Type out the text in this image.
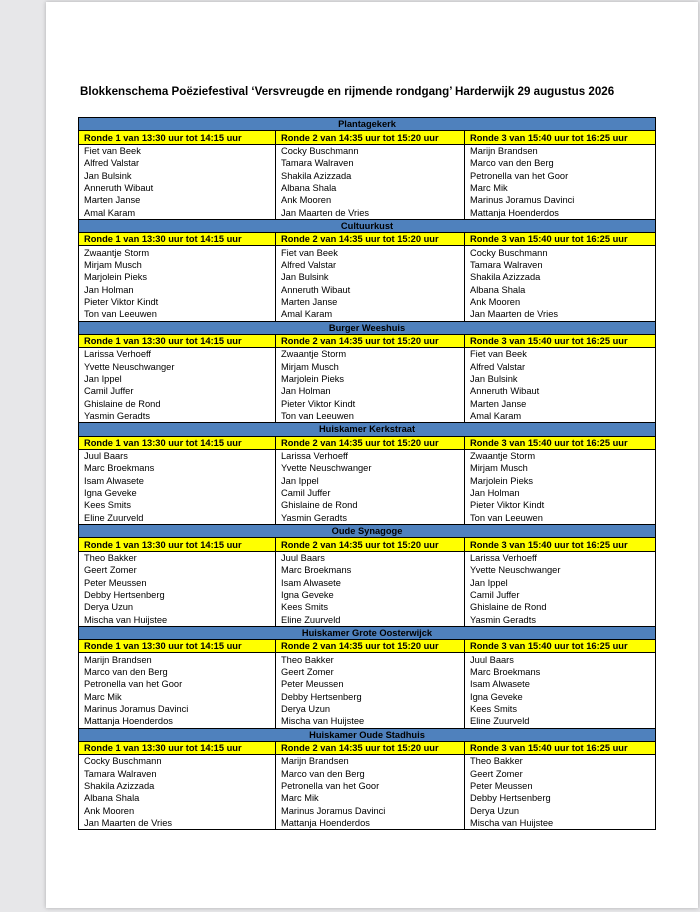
Blokkenschema Poëziefestival ‘Versvreugde en rijmende rondgang’ Harderwijk 29 augustus 2026
Plantagekerk		
Ronde 1 van 13:30 uur tot 14:15 uur	Ronde 2 van 14:35 uur tot 15:20 uur	Ronde 3 van 15:40 uur tot 16:25 uur
Fiet van Beek	Cocky Buschmann	Marijn Brandsen
Alfred Valstar	Tamara Walraven	Marco van den Berg
Jan Bulsink	Shakila Azizzada	Petronella van het Goor
Anneruth Wibaut	Albana Shala	Marc Mik
Marten Janse	Ank Mooren	Marinus Joramus Davinci
Amal Karam	Jan Maarten de Vries	Mattanja Hoenderdos
Cultuurkust		
Ronde 1 van 13:30 uur tot 14:15 uur	Ronde 2 van 14:35 uur tot 15:20 uur	Ronde 3 van 15:40 uur tot 16:25 uur
Zwaantje Storm	Fiet van Beek	Cocky Buschmann
Mirjam Musch	Alfred Valstar	Tamara Walraven
Marjolein Pieks	Jan Bulsink	Shakila Azizzada
Jan Holman	Anneruth Wibaut	Albana Shala
Pieter Viktor Kindt	Marten Janse	Ank Mooren
Ton van Leeuwen	Amal Karam	Jan Maarten de Vries
Burger Weeshuis		
Ronde 1 van 13:30 uur tot 14:15 uur	Ronde 2 van 14:35 uur tot 15:20 uur	Ronde 3 van 15:40 uur tot 16:25 uur
Larissa Verhoeff	Zwaantje Storm	Fiet van Beek
Yvette Neuschwanger	Mirjam Musch	Alfred Valstar
Jan Ippel	Marjolein Pieks	Jan Bulsink
Camil Juffer	Jan Holman	Anneruth Wibaut
Ghislaine de Rond	Pieter Viktor Kindt	Marten Janse
Yasmin Geradts	Ton van Leeuwen	Amal Karam
Huiskamer Kerkstraat		
Ronde 1 van 13:30 uur tot 14:15 uur	Ronde 2 van 14:35 uur tot 15:20 uur	Ronde 3 van 15:40 uur tot 16:25 uur
Juul Baars	Larissa Verhoeff	Zwaantje Storm
Marc Broekmans	Yvette Neuschwanger	Mirjam Musch
Isam Alwasete	Jan Ippel	Marjolein Pieks
Igna Geveke	Camil Juffer	Jan Holman
Kees Smits	Ghislaine de Rond	Pieter Viktor Kindt
Eline Zuurveld	Yasmin Geradts	Ton van Leeuwen
Oude Synagoge		
Ronde 1 van 13:30 uur tot 14:15 uur	Ronde 2 van 14:35 uur tot 15:20 uur	Ronde 3 van 15:40 uur tot 16:25 uur
Theo Bakker	Juul Baars	Larissa Verhoeff
Geert Zomer	Marc Broekmans	Yvette Neuschwanger
Peter Meussen	Isam Alwasete	Jan Ippel
Debby Hertsenberg	Igna Geveke	Camil Juffer
Derya Uzun	Kees Smits	Ghislaine de Rond
Mischa van Huijstee	Eline Zuurveld	Yasmin Geradts
Huiskamer Grote Oosterwijck		
Ronde 1 van 13:30 uur tot 14:15 uur	Ronde 2 van 14:35 uur tot 15:20 uur	Ronde 3 van 15:40 uur tot 16:25 uur
Marijn Brandsen	Theo Bakker	Juul Baars
Marco van den Berg	Geert Zomer	Marc Broekmans
Petronella van het Goor	Peter Meussen	Isam Alwasete
Marc Mik	Debby Hertsenberg	Igna Geveke
Marinus Joramus Davinci	Derya Uzun	Kees Smits
Mattanja Hoenderdos	Mischa van Huijstee	Eline Zuurveld
Huiskamer Oude Stadhuis		
Ronde 1 van 13:30 uur tot 14:15 uur	Ronde 2 van 14:35 uur tot 15:20 uur	Ronde 3 van 15:40 uur tot 16:25 uur
Cocky Buschmann	Marijn Brandsen	Theo Bakker
Tamara Walraven	Marco van den Berg	Geert Zomer
Shakila Azizzada	Petronella van het Goor	Peter Meussen
Albana Shala	Marc Mik	Debby Hertsenberg
Ank Mooren	Marinus Joramus Davinci	Derya Uzun
Jan Maarten de Vries	Mattanja Hoenderdos	Mischa van Huijstee
